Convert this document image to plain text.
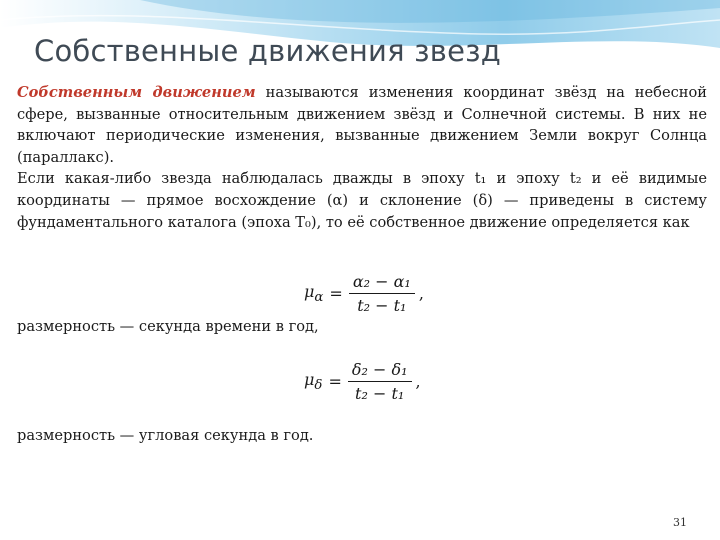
Собственные движения звезд

Собственным движением называются изменения координат звёзд на небесной сфере, вызванные относительным движением звёзд и Солнечной системы. В них не включают периодические изменения, вызванные движением Земли вокруг Солнца (параллакс).

Если какая-либо звезда наблюдалась дважды в эпоху t₁ и эпоху t₂ и её видимые координаты — прямое восхождение (α) и склонение (δ) — приведены в систему фундаментального каталога (эпоха T₀), то её собственное движение определяется как

$\mu_\alpha = \frac{\text{α₂ − α₁}}{\text{t₂ − t₁}}$ ,
размерность — секунда времени в год,
$\mu_\delta = \frac{\text{δ₂ − δ₁}}{\text{t₂ − t₁}}$ ,
размерность — угловая секунда в год.
31
